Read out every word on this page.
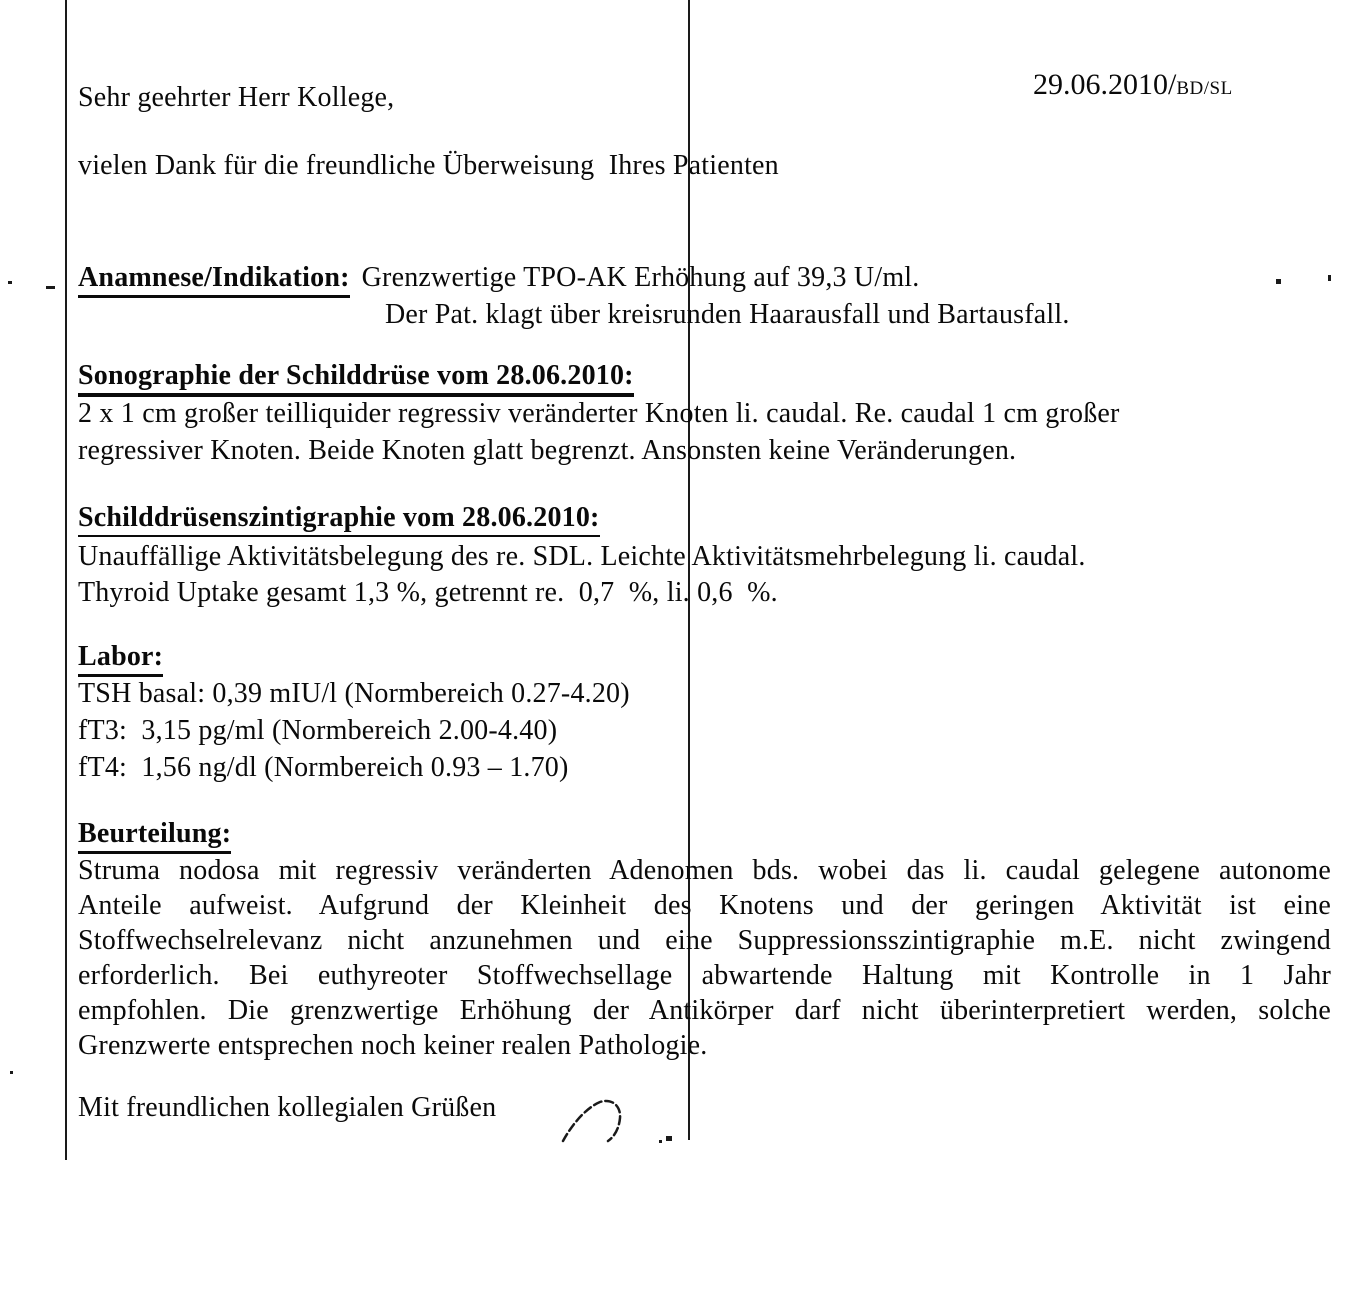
29.06.2010/BD/SL

Sehr geehrter Herr Kollege,
vielen Dank für die freundliche Überweisung  Ihres Patienten
Anamnese/Indikation: Grenzwertige TPO-AK Erhöhung auf 39,3 U/ml.
Der Pat. klagt über kreisrunden Haarausfall und Bartausfall.
Sonographie der Schilddrüse vom 28.06.2010:
2 x 1 cm großer teilliquider regressiv veränderter Knoten li. caudal. Re. caudal 1 cm großer
regressiver Knoten. Beide Knoten glatt begrenzt. Ansonsten keine Veränderungen.
Schilddrüsenszintigraphie vom 28.06.2010:
Unauffällige Aktivitätsbelegung des re. SDL. Leichte Aktivitätsmehrbelegung li. caudal.
Thyroid Uptake gesamt 1,3 %, getrennt re.  0,7  %, li. 0,6  %.
Labor:
TSH basal: 0,39 mIU/l (Normbereich 0.27-4.20)
fT3:  3,15 pg/ml (Normbereich 2.00-4.40)
fT4:  1,56 ng/dl (Normbereich 0.93 – 1.70)
Beurteilung:
Struma nodosa mit regressiv veränderten Adenomen bds. wobei das li. caudal gelegene autonome
Anteile aufweist. Aufgrund der Kleinheit des Knotens und der geringen Aktivität ist eine
Stoffwechselrelevanz nicht anzunehmen und eine Suppressionsszintigraphie m.E. nicht zwingend
erforderlich. Bei euthyreoter Stoffwechsellage abwartende Haltung mit Kontrolle in 1 Jahr
empfohlen. Die grenzwertige Erhöhung der Antikörper darf nicht überinterpretiert werden, solche
Grenzwerte entsprechen noch keiner realen Pathologie.
Mit freundlichen kollegialen Grüßen
